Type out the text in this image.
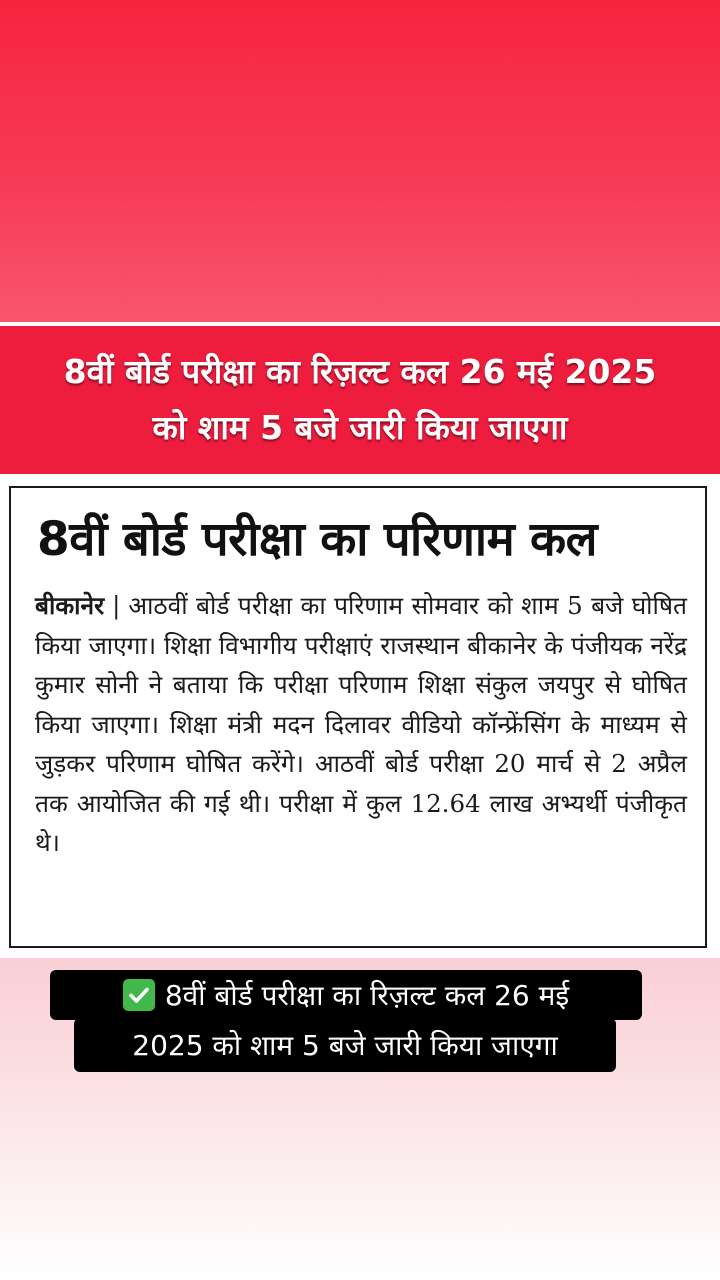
8वीं बोर्ड परीक्षा का रिज़ल्ट कल 26 मई 2025
को शाम 5 बजे जारी किया जाएगा
8वीं बोर्ड परीक्षा का परिणाम कल
बीकानेर | आठवीं बोर्ड परीक्षा का परिणाम सोमवार को शाम 5 बजे घोषित किया जाएगा। शिक्षा विभागीय परीक्षाएं राजस्थान बीकानेर के पंजीयक नरेंद्र कुमार सोनी ने बताया कि परीक्षा परिणाम शिक्षा संकुल जयपुर से घोषित किया जाएगा। शिक्षा मंत्री मदन दिलावर वीडियो कॉन्फ्रेंसिंग के माध्यम से जुड़कर परिणाम घोषित करेंगे। आठवीं बोर्ड परीक्षा 20 मार्च से 2 अप्रैल तक आयोजित की गई थी। परीक्षा में कुल 12.64 लाख अभ्यर्थी पंजीकृत थे।
8वीं बोर्ड परीक्षा का रिज़ल्ट कल 26 मई
2025 को शाम 5 बजे जारी किया जाएगा
